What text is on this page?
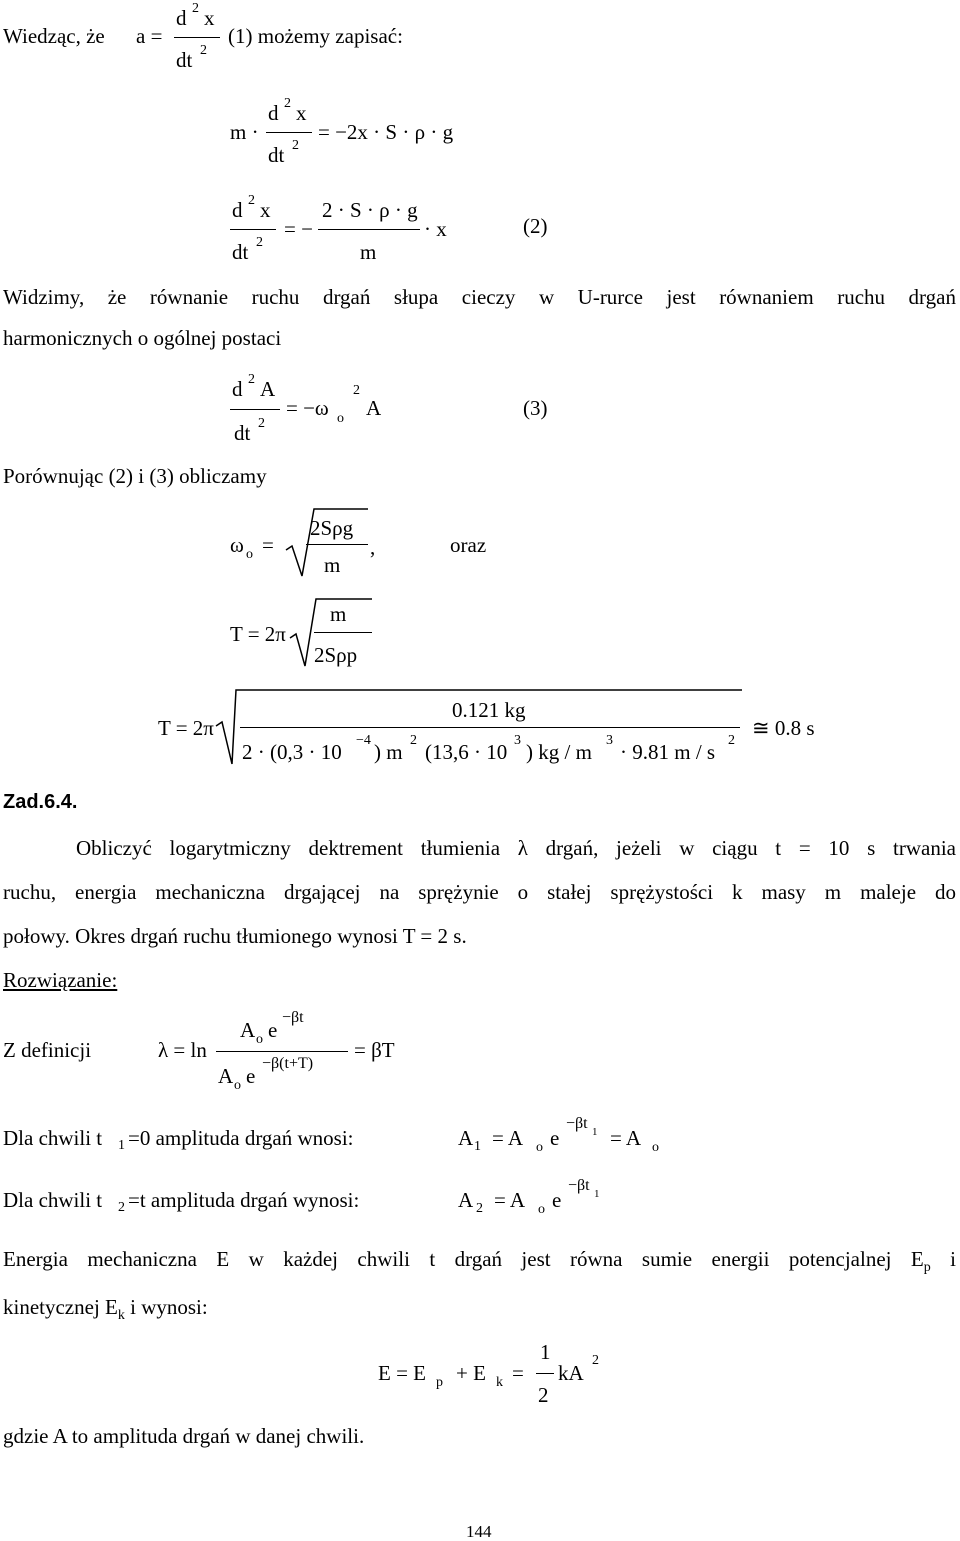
Wiedząc, że a =
d 2 x
dt 2
(1) możemy zapisać:
m ·
d 2 x
dt 2
= −2x · S · ρ · g
d 2 x
dt 2
= −
2 · S · ρ · g
m
· x	(2)
Widzimy, że równanie ruchu drgań słupa cieczy w U-rurce jest równaniem ruchu drgań
harmonicznych o ogólnej postaci
d 2 A
dt 2
= −ω o
2
A	(3)
Porównując (2) i (3) obliczamy
ω o =
2Sρg
m
,	oraz
T = 2π
m
2Sρp
T = 2π
0.121 kg
2 · (0,3 · 10 −4 ) m 2 (13,6 · 10 3 ) kg / m 3 · 9.81 m / s 2
≅ 0.8 s
Zad.6.4.
Obliczyć logarytmiczny dektrement tłumienia λ drgań, jeżeli w ciągu t = 10 s trwania
ruchu, energia mechaniczna drgającej na sprężynie o stałej sprężystości k masy m maleje do
połowy. Okres drgań ruchu tłumionego wynosi T = 2 s.
Rozwiązanie:
Z definicji	λ = ln
A o e
−βt
A o e
−β(t+T)
= βT
Dla chwili t 1 =0 amplituda drgań wnosi:	A 1 = A o e
−βt 1 = A o
Dla chwili t 2 =t amplituda drgań wynosi:	A 2 = A o e
−βt 1
Energia mechaniczna E w każdej chwili t drgań jest równa sumie energii potencjalnej $E_p$ i
kinetycznej $E_k$ i wynosi:
E = E p + E k =
1
2
kA
2
gdzie A to amplituda drgań w danej chwili.
144
